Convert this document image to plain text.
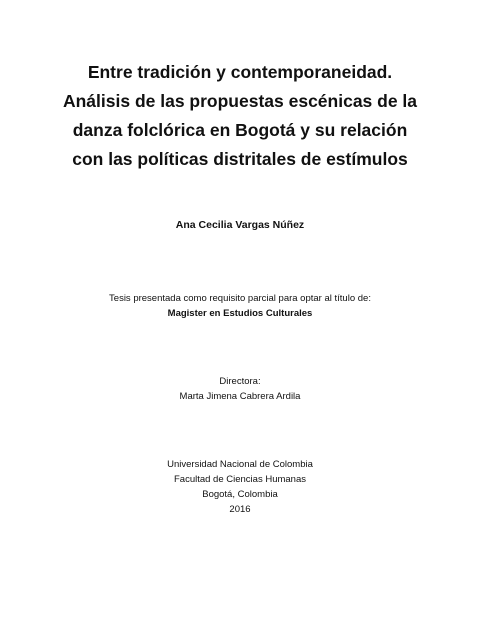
Entre tradición y contemporaneidad.
Análisis de las propuestas escénicas de la
danza folclórica en Bogotá y su relación
con las políticas distritales de estímulos
Ana Cecilia Vargas Núñez
Tesis presentada como requisito parcial para optar al título de:
Magister en Estudios Culturales
Directora:
Marta Jimena Cabrera Ardila
Universidad Nacional de Colombia
Facultad de Ciencias Humanas
Bogotá, Colombia
2016
